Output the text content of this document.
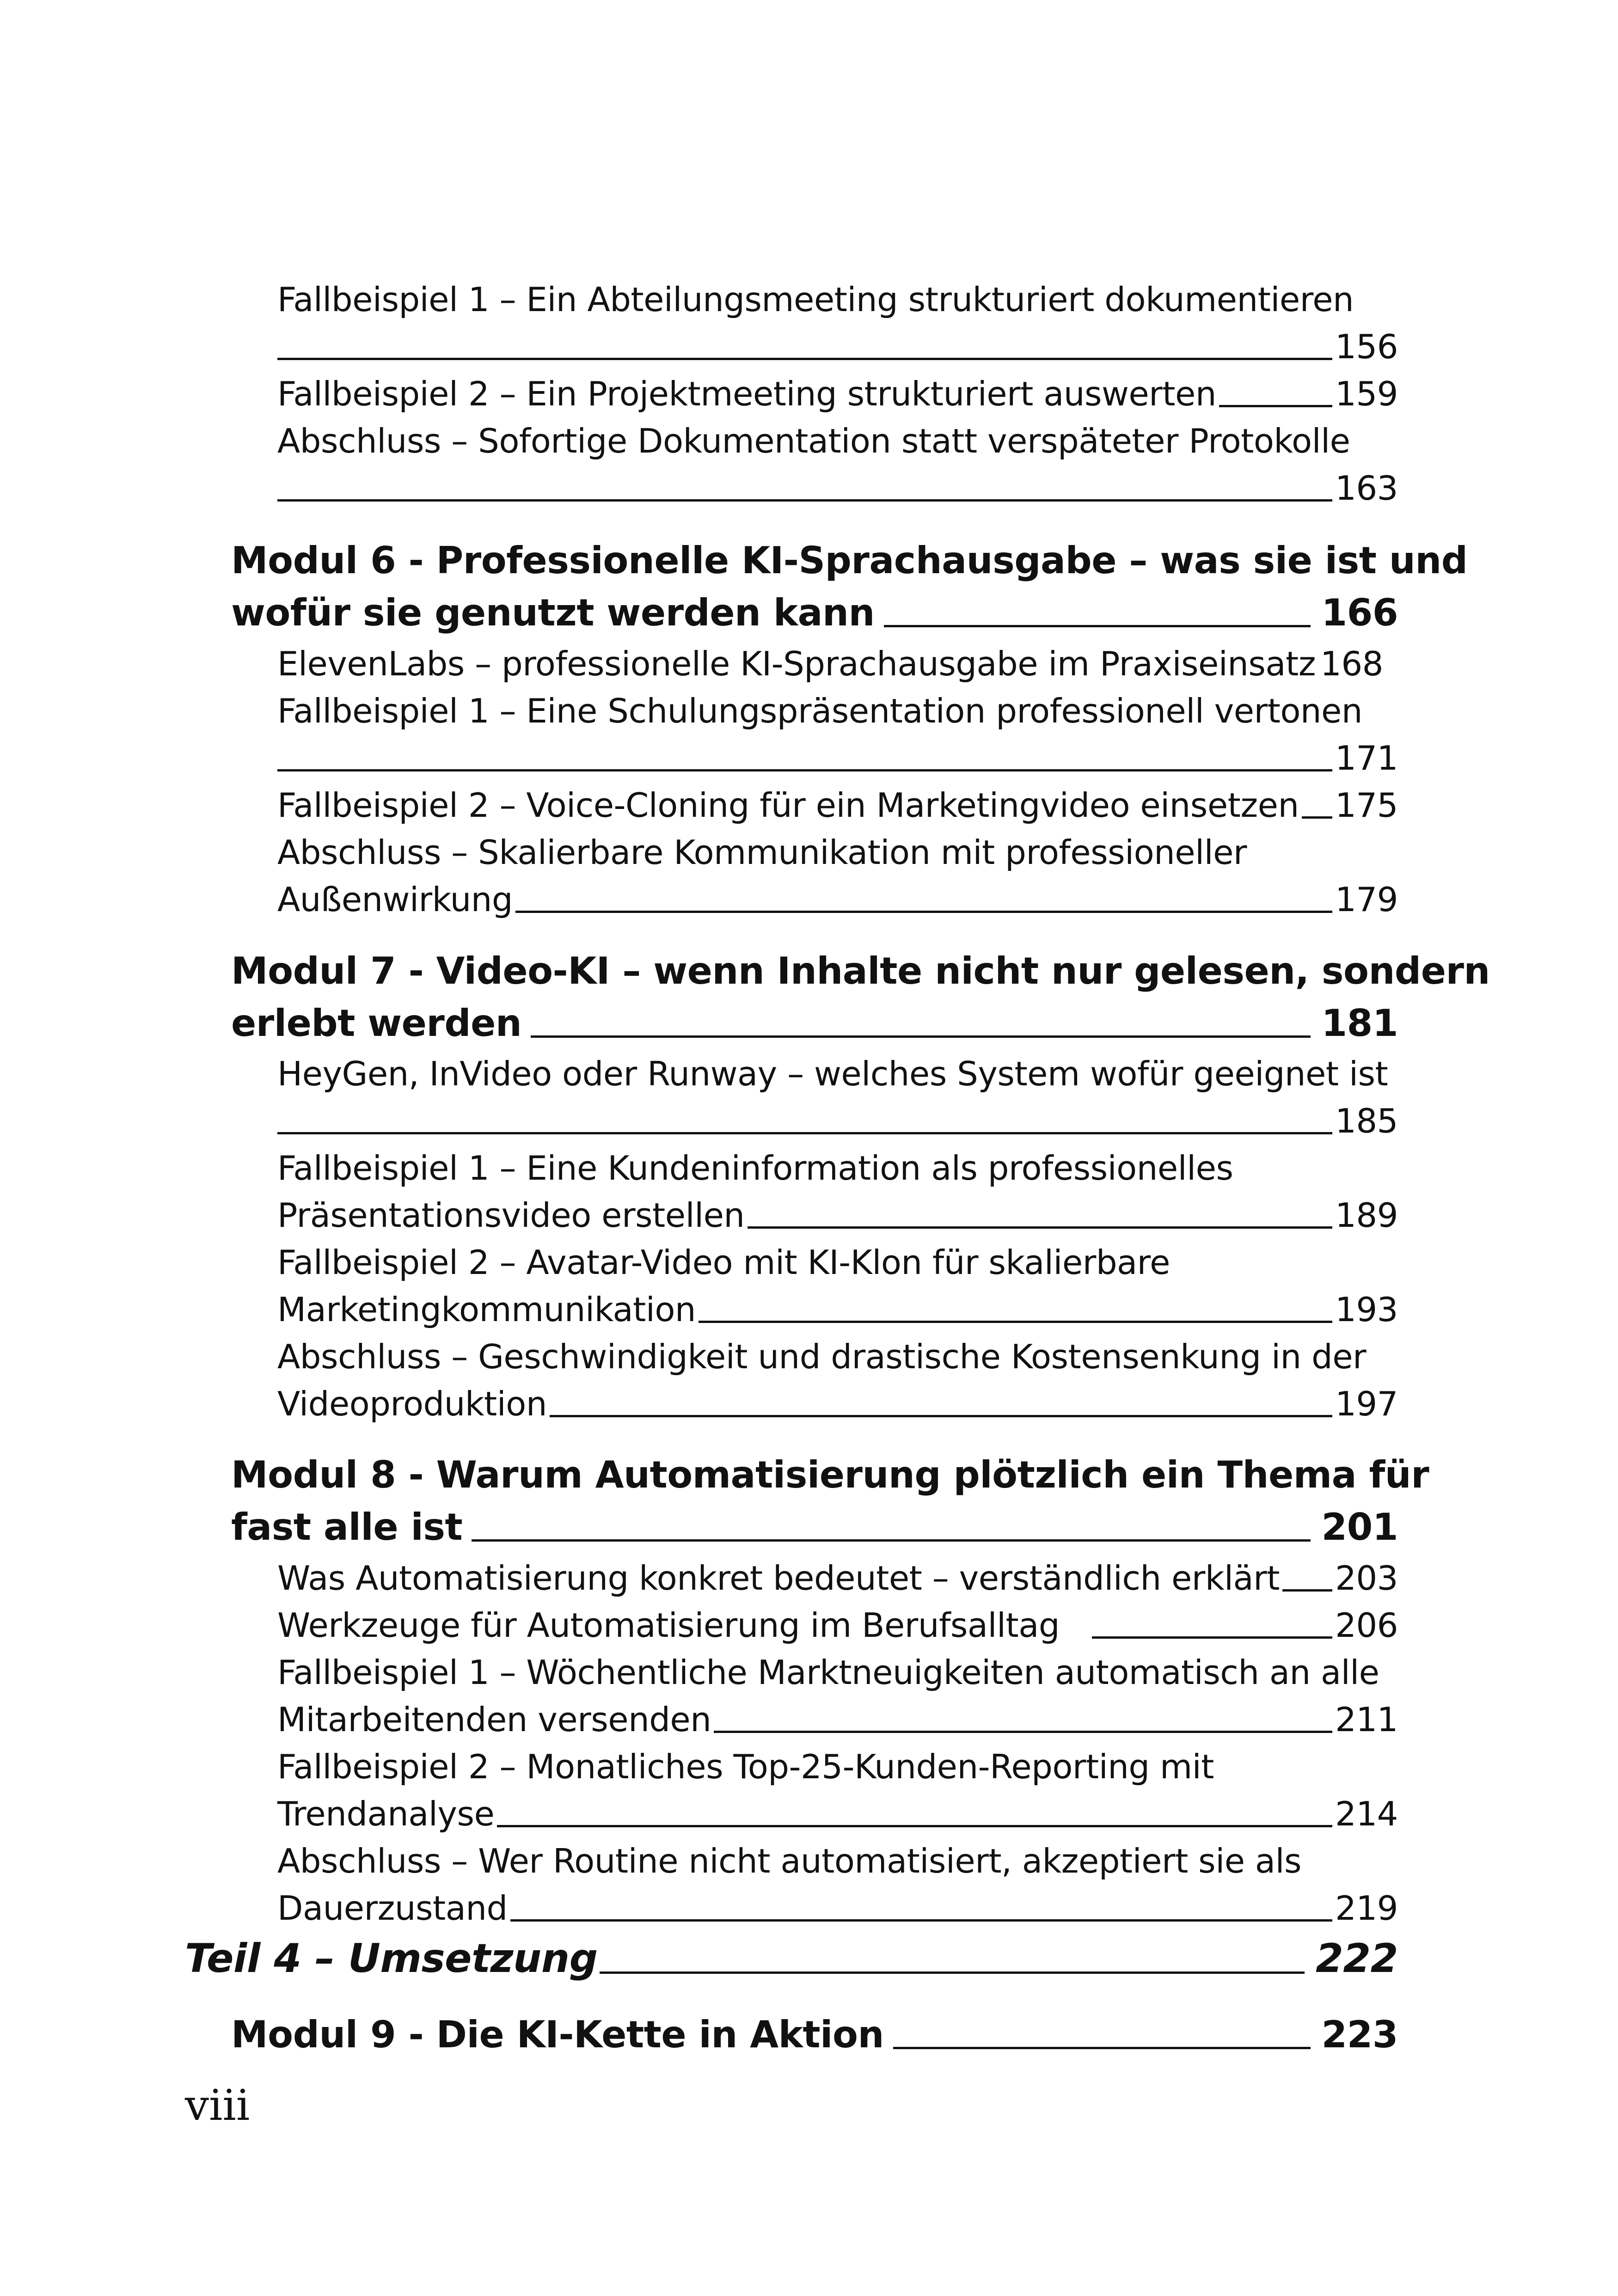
Fallbeispiel 1 – Ein Abteilungsmeeting strukturiert dokumentieren
156
Fallbeispiel 2 – Ein Projektmeeting strukturiert auswerten	159
Abschluss – Sofortige Dokumentation statt verspäteter Protokolle
163
Modul 6 - Professionelle KI-Sprachausgabe – was sie ist und
wofür sie genutzt werden kann	166
ElevenLabs – professionelle KI-Sprachausgabe im Praxiseinsatz 168
Fallbeispiel 1 – Eine Schulungspräsentation professionell vertonen
171
Fallbeispiel 2 – Voice-Cloning für ein Marketingvideo einsetzen 175
Abschluss – Skalierbare Kommunikation mit professioneller
Außenwirkung	179
Modul 7 - Video-KI – wenn Inhalte nicht nur gelesen, sondern
erlebt werden	181
HeyGen, InVideo oder Runway – welches System wofür geeignet ist
185
Fallbeispiel 1 – Eine Kundeninformation als professionelles
Präsentationsvideo erstellen	189
Fallbeispiel 2 – Avatar-Video mit KI-Klon für skalierbare
Marketingkommunikation	193
Abschluss – Geschwindigkeit und drastische Kostensenkung in der
Videoproduktion	197
Modul 8 - Warum Automatisierung plötzlich ein Thema für
fast alle ist	201
Was Automatisierung konkret bedeutet – verständlich erklärt 203
Werkzeuge für Automatisierung im Berufsalltag	206
Fallbeispiel 1 – Wöchentliche Marktneuigkeiten automatisch an alle
Mitarbeitenden versenden	211
Fallbeispiel 2 – Monatliches Top-25-Kunden-Reporting mit
Trendanalyse	214
Abschluss – Wer Routine nicht automatisiert, akzeptiert sie als
Dauerzustand	219
Teil 4 – Umsetzung	222
Modul 9 - Die KI-Kette in Aktion	223
viii
